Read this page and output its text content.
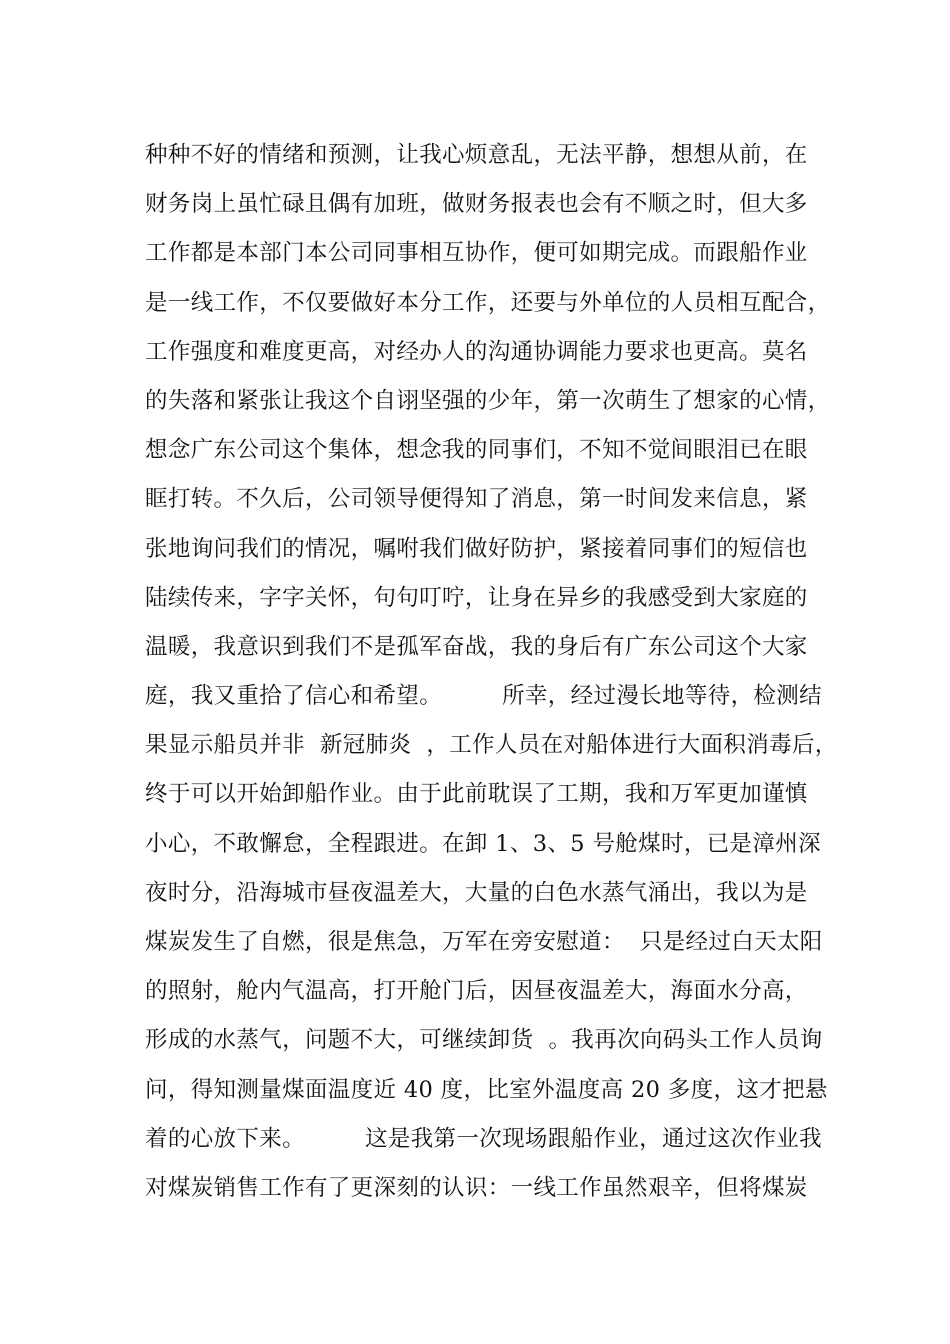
种种不好的情绪和预测，让我心烦意乱，无法平静，想想从前，在
财务岗上虽忙碌且偶有加班，做财务报表也会有不顺之时，但大多
工作都是本部门本公司同事相互协作，便可如期完成。而跟船作业
是一线工作，不仅要做好本分工作，还要与外单位的人员相互配合，
工作强度和难度更高，对经办人的沟通协调能力要求也更高。莫名
的失落和紧张让我这个自诩坚强的少年，第一次萌生了想家的心情，
想念广东公司这个集体，想念我的同事们，不知不觉间眼泪已在眼
眶打转。不久后，公司领导便得知了消息，第一时间发来信息，紧
张地询问我们的情况，嘱咐我们做好防护，紧接着同事们的短信也
陆续传来，字字关怀，句句叮咛，让身在异乡的我感受到大家庭的
温暖，我意识到我们不是孤军奋战，我的身后有广东公司这个大家
庭，我又重拾了信心和希望。        所幸，经过漫长地等待，检测结
果显示船员并非  新冠肺炎  ，工作人员在对船体进行大面积消毒后，
终于可以开始卸船作业。由于此前耽误了工期，我和万军更加谨慎
小心，不敢懈怠，全程跟进。在卸 1、3、5 号舱煤时，已是漳州深
夜时分，沿海城市昼夜温差大，大量的白色水蒸气涌出，我以为是
煤炭发生了自燃，很是焦急，万军在旁安慰道：  只是经过白天太阳
的照射，舱内气温高，打开舱门后，因昼夜温差大，海面水分高，
形成的水蒸气，问题不大，可继续卸货  。我再次向码头工作人员询
问，得知测量煤面温度近 40 度，比室外温度高 20 多度，这才把悬
着的心放下来。        这是我第一次现场跟船作业，通过这次作业我
对煤炭销售工作有了更深刻的认识：一线工作虽然艰辛，但将煤炭
